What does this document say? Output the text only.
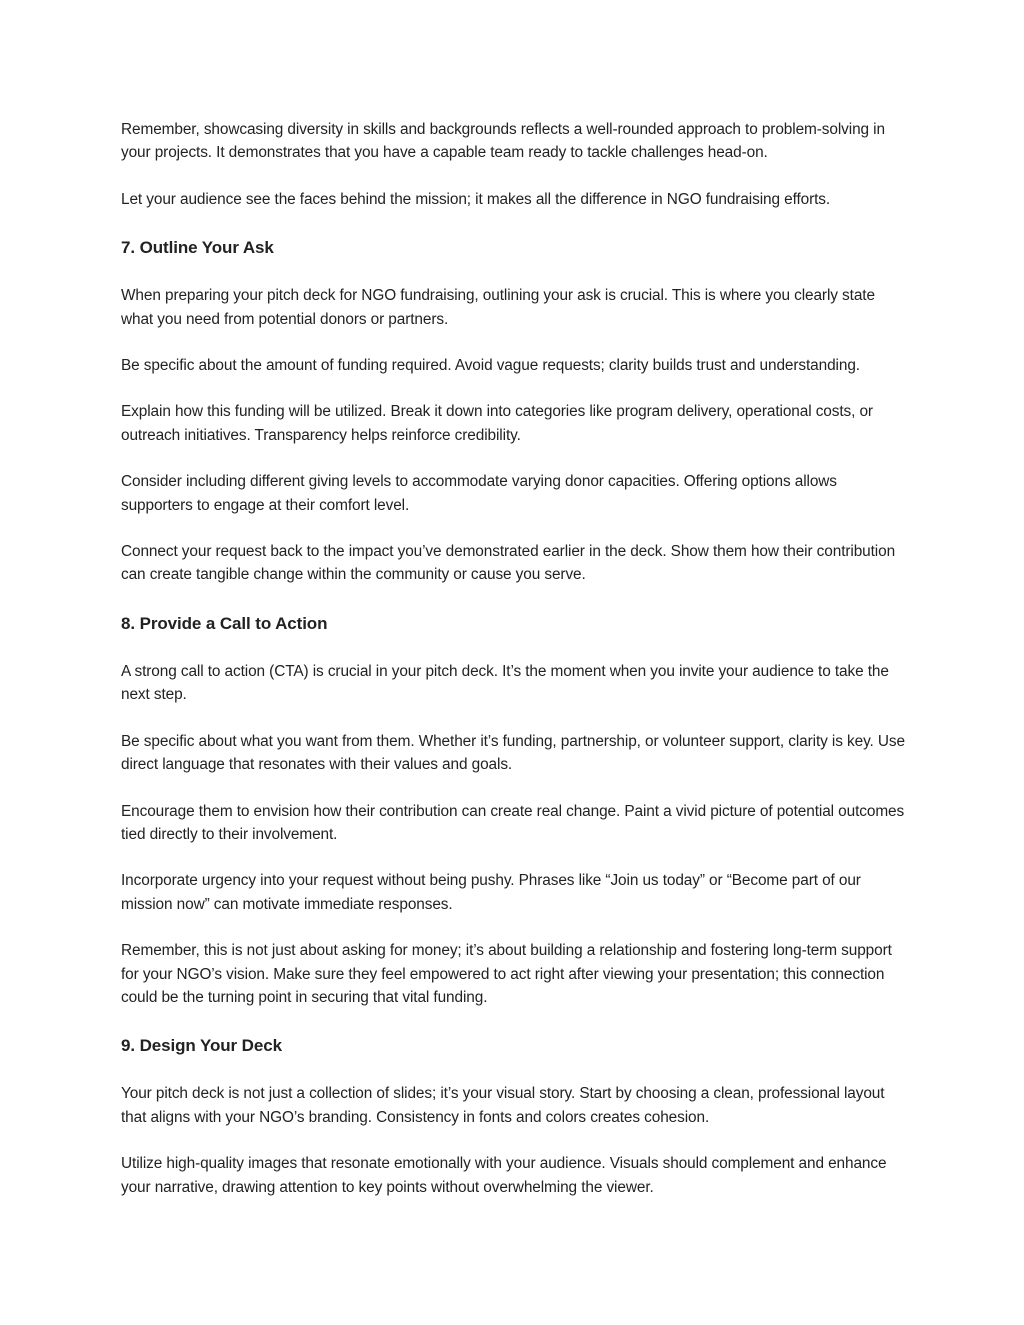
Remember, showcasing diversity in skills and backgrounds reflects a well-rounded approach to problem-solving in your projects. It demonstrates that you have a capable team ready to tackle challenges head-on.

Let your audience see the faces behind the mission; it makes all the difference in NGO fundraising efforts.

7. Outline Your Ask

When preparing your pitch deck for NGO fundraising, outlining your ask is crucial. This is where you clearly state what you need from potential donors or partners.

Be specific about the amount of funding required. Avoid vague requests; clarity builds trust and understanding.

Explain how this funding will be utilized. Break it down into categories like program delivery, operational costs, or outreach initiatives. Transparency helps reinforce credibility.

Consider including different giving levels to accommodate varying donor capacities. Offering options allows supporters to engage at their comfort level.

Connect your request back to the impact you’ve demonstrated earlier in the deck. Show them how their contribution can create tangible change within the community or cause you serve.

8. Provide a Call to Action

A strong call to action (CTA) is crucial in your pitch deck. It’s the moment when you invite your audience to take the next step.

Be specific about what you want from them. Whether it’s funding, partnership, or volunteer support, clarity is key. Use direct language that resonates with their values and goals.

Encourage them to envision how their contribution can create real change. Paint a vivid picture of potential outcomes tied directly to their involvement.

Incorporate urgency into your request without being pushy. Phrases like “Join us today” or “Become part of our mission now” can motivate immediate responses.

Remember, this is not just about asking for money; it’s about building a relationship and fostering long-term support for your NGO’s vision. Make sure they feel empowered to act right after viewing your presentation; this connection could be the turning point in securing that vital funding.

9. Design Your Deck

Your pitch deck is not just a collection of slides; it’s your visual story. Start by choosing a clean, professional layout that aligns with your NGO’s branding. Consistency in fonts and colors creates cohesion.

Utilize high-quality images that resonate emotionally with your audience. Visuals should complement and enhance your narrative, drawing attention to key points without overwhelming the viewer.
